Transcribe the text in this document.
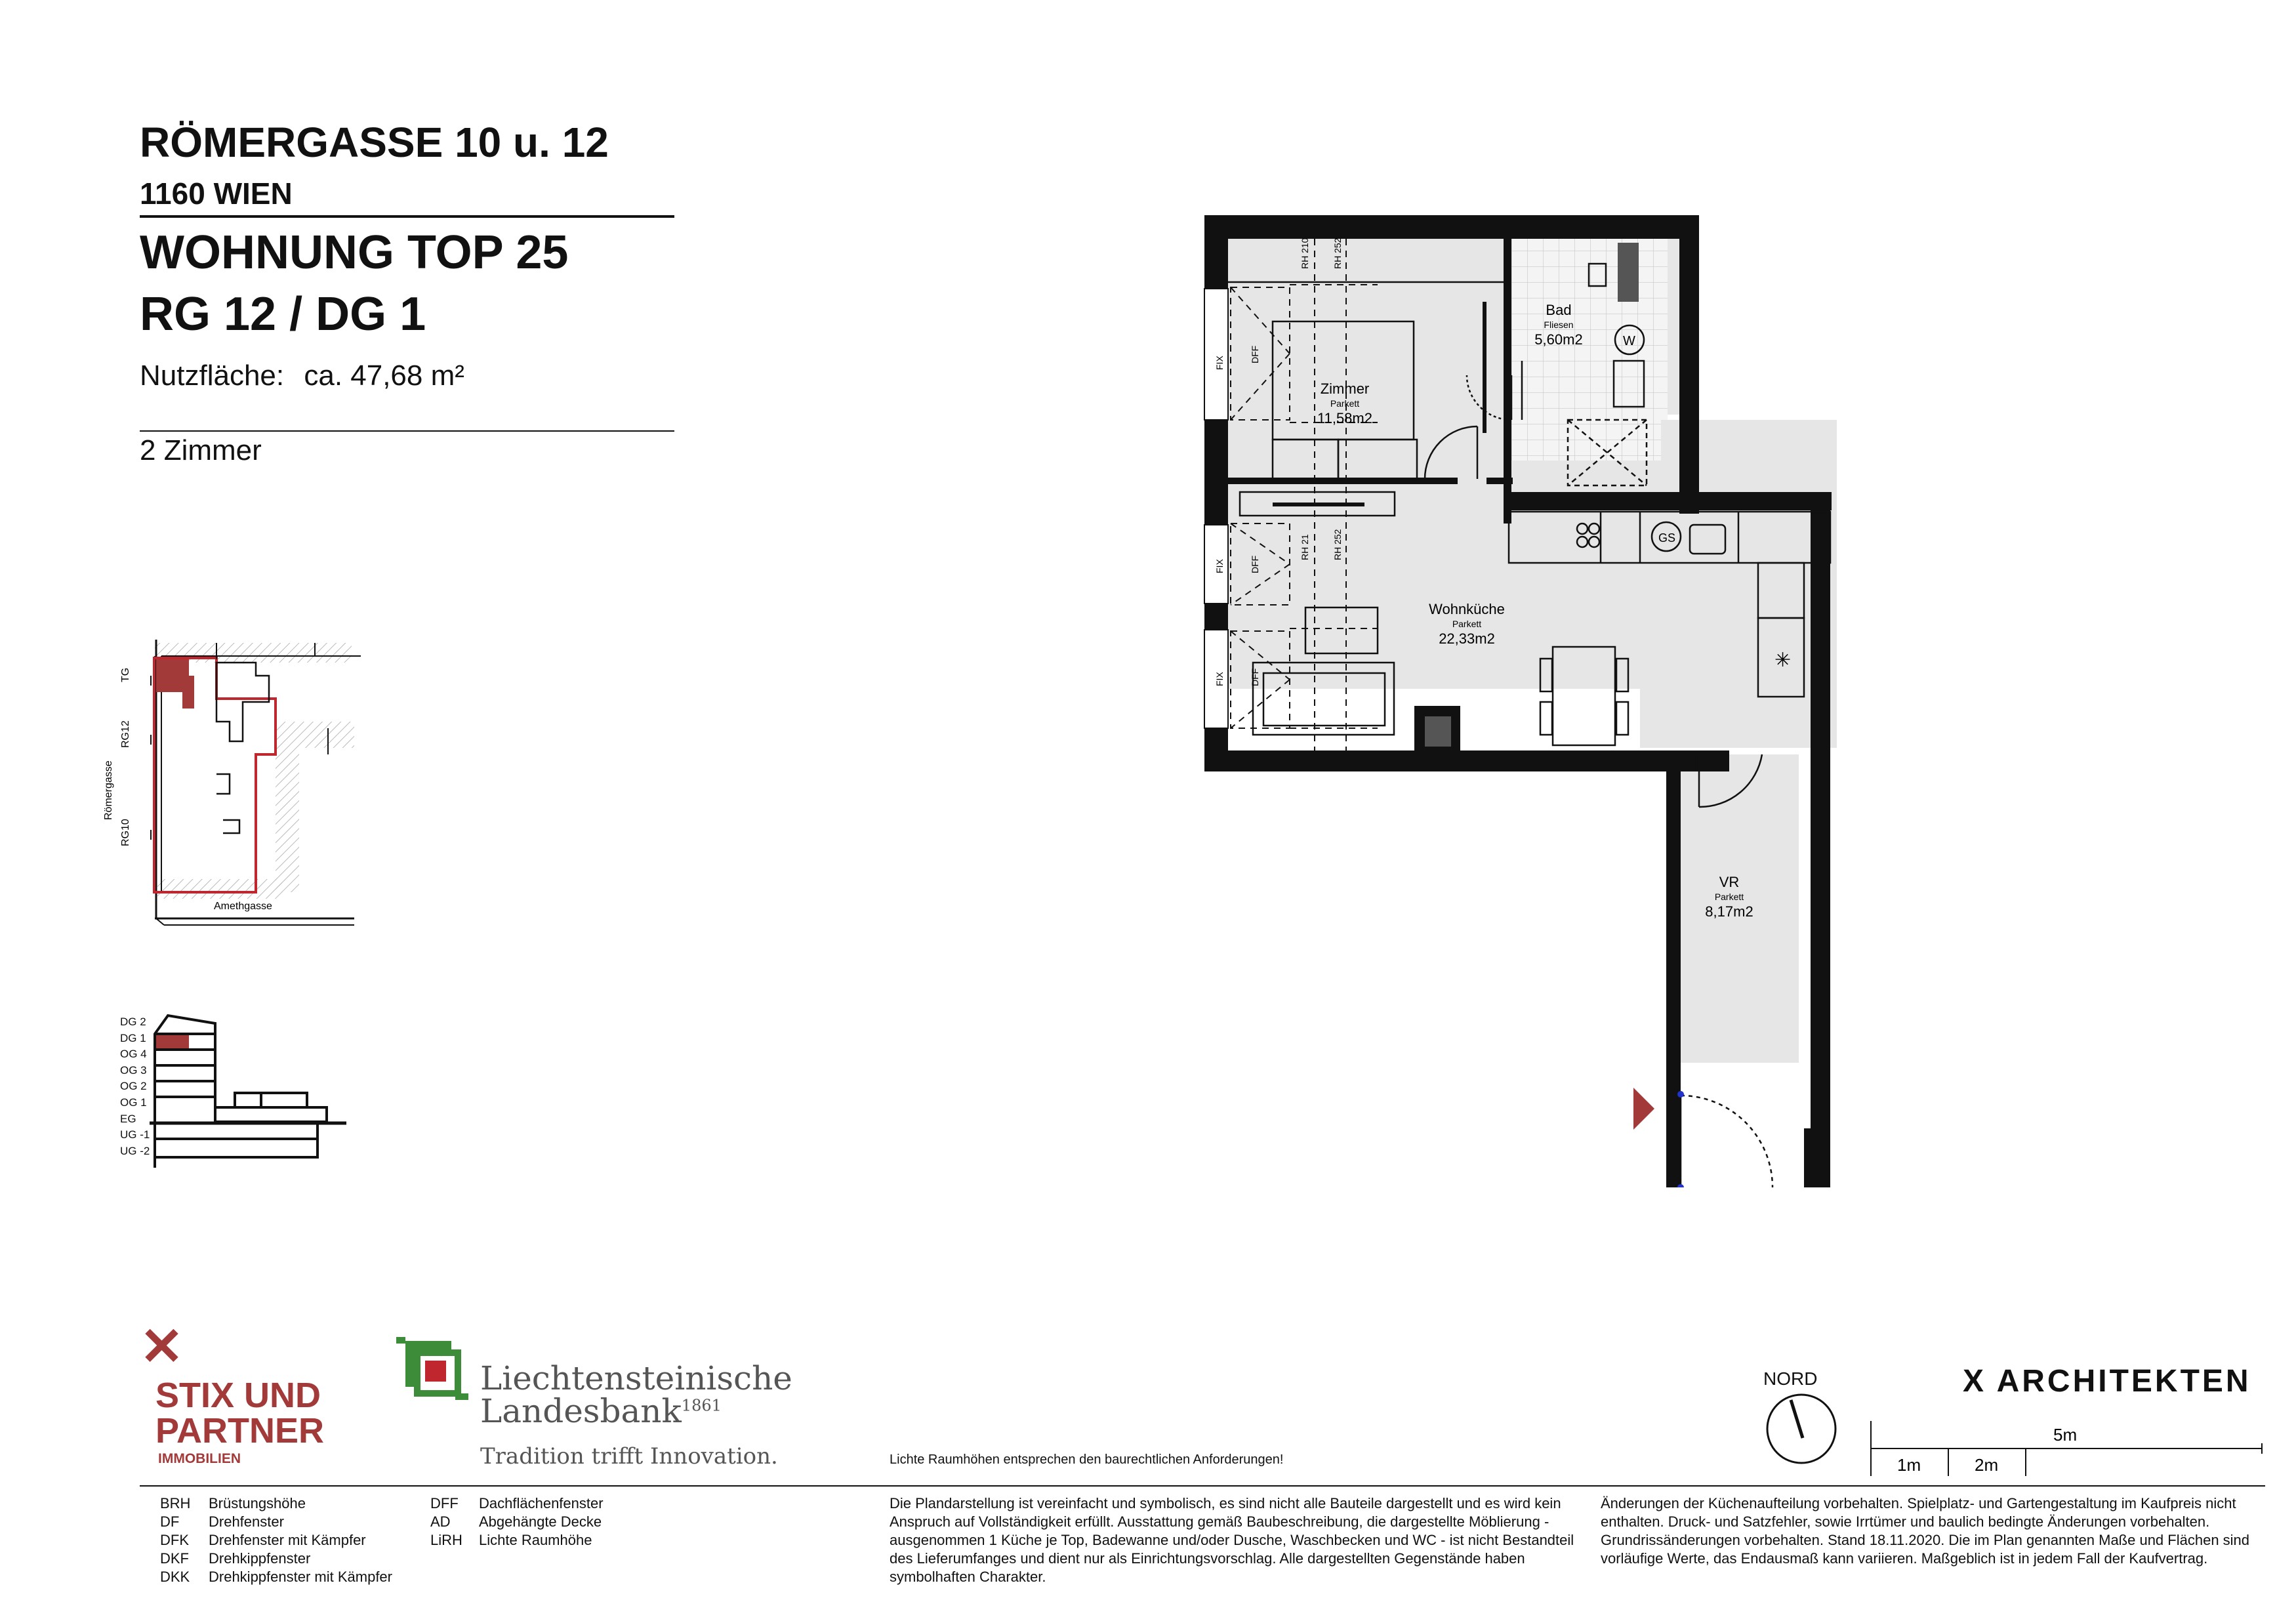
RÖMERGASSE 10 u. 12
1160 WIEN
WOHNUNG TOP 25
RG 12 / DG 1
Nutzfläche: ca. 47,68 m²
2 Zimmer
TG
RG12
Römergasse
RG10
Amethgasse
DG 2
DG 1
OG 4
OG 3
OG 2
OG 1
EG
UG -1
UG -2
GS
✳
W
Zimmer
Parkett
11,58m2
Bad
Fliesen
5,60m2
Wohnküche
Parkett
22,33m2
VR
Parkett
8,17m2
RH 210 RH 252
RH 21 RH 252
FIX
FIX
FIX
DFF
DFF
DFF
✕
STIX UND
PARTNER
IMMOBILIEN
Liechtensteinische
Landesbank$^{1861}$
Tradition trifft Innovation.
X ARCHITEKTEN
NORD
5m
1m	2m
Lichte Raumhöhen entsprechen den baurechtlichen Anforderungen!
BRH	Brüstungshöhe
DF	Drehfenster
DFK	Drehfenster mit Kämpfer
DKF	Drehkippfenster
DKK	Drehkippfenster mit Kämpfer
DFF	Dachflächenfenster
AD	Abgehängte Decke
LiRH	Lichte Raumhöhe
Die Plandarstellung ist vereinfacht und symbolisch, es sind nicht alle Bauteile dargestellt und es wird kein Anspruch auf Vollständigkeit erfüllt. Ausstattung gemäß Baubeschreibung, die dargestellte Möblierung - ausgenommen 1 Küche je Top, Badewanne und/oder Dusche, Waschbecken und WC - ist nicht Bestandteil des Lieferumfanges und dient nur als Einrichtungsvorschlag. Alle dargestellten Gegenstände haben symbolhaften Charakter.
Änderungen der Küchenaufteilung vorbehalten. Spielplatz- und Gartengestaltung im Kaufpreis nicht enthalten. Druck- und Satzfehler, sowie Irrtümer und baulich bedingte Änderungen vorbehalten. Grundrissänderungen vorbehalten. Stand 18.11.2020. Die im Plan genannten Maße und Flächen sind vorläufige Werte, das Endausmaß kann variieren. Maßgeblich ist in jedem Fall der Kaufvertrag.
